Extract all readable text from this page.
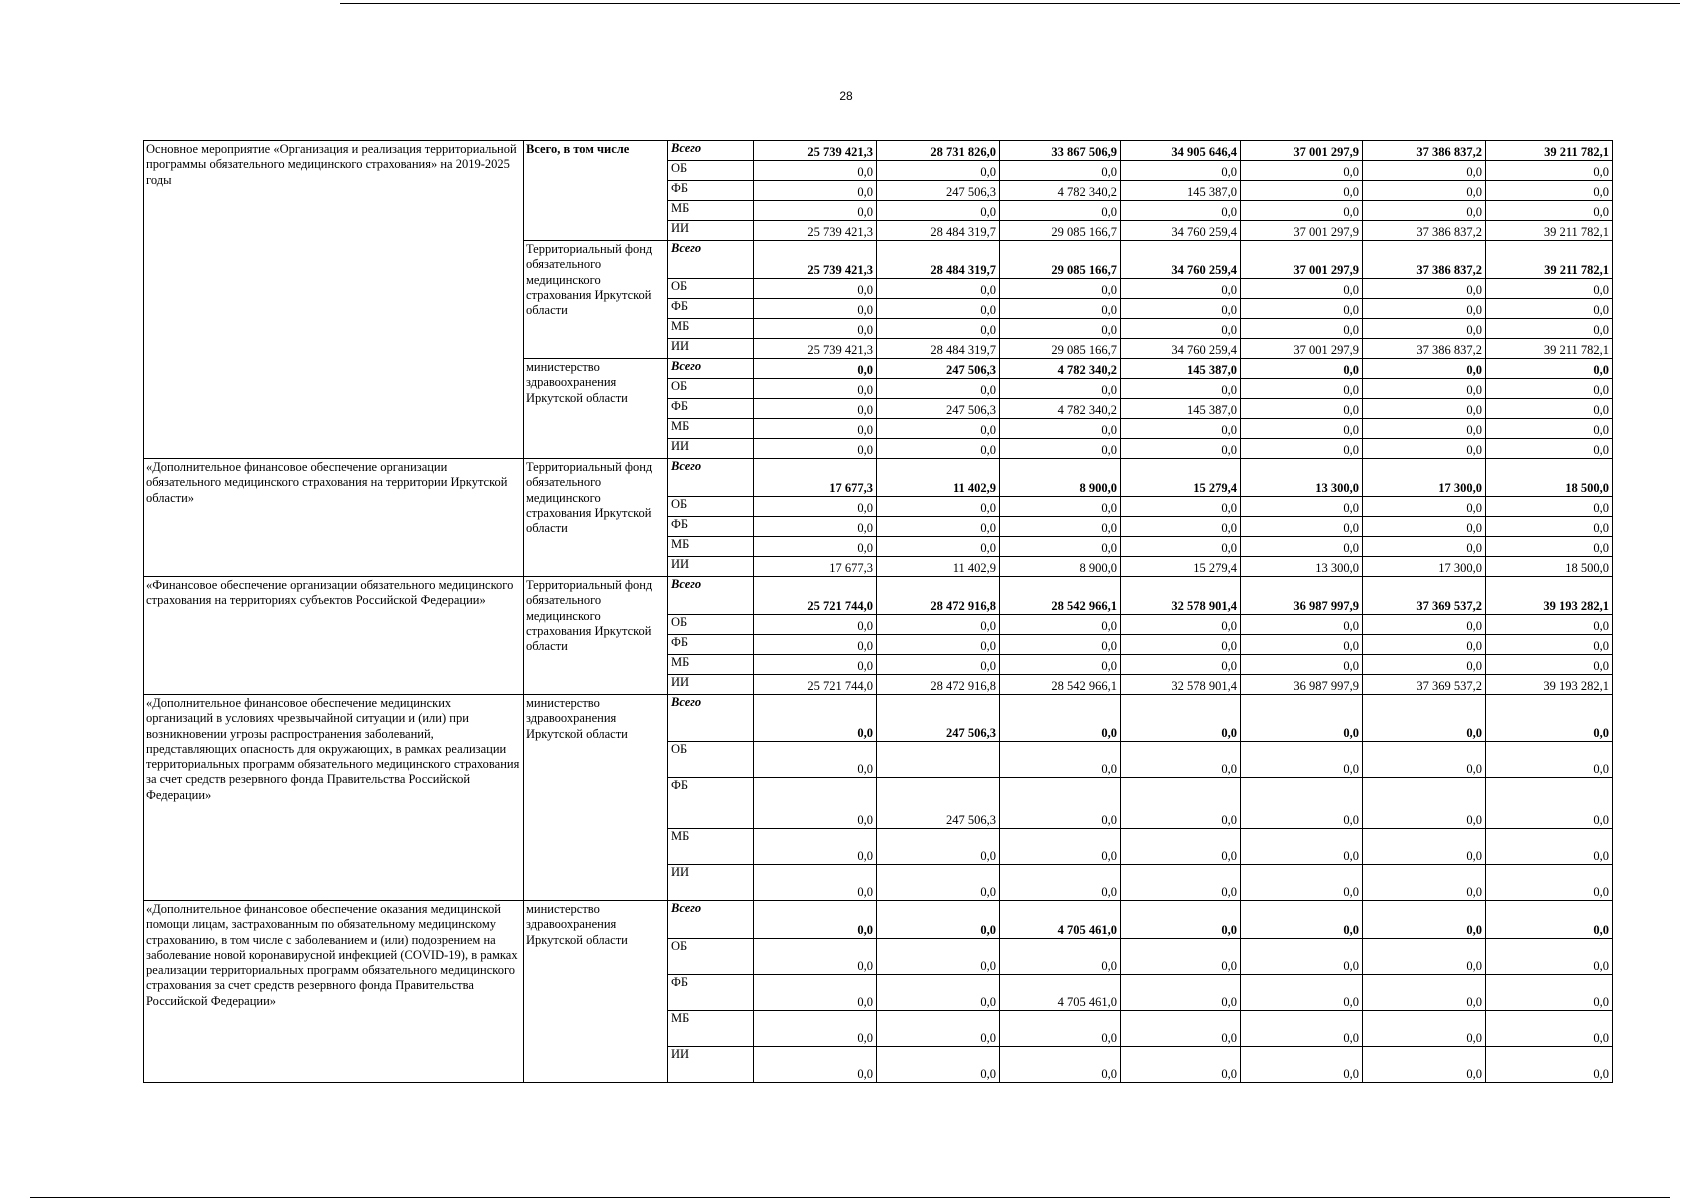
28
Основное мероприятие «Организация и реализация территориальной программы обязательного медицинского страхования» на 2019-2025 годы	Всего, в том числе	Всего	25 739 421,3	28 731 826,0	33 867 506,9	34 905 646,4	37 001 297,9	37 386 837,2	39 211 782,1
		ОБ	0,0	0,0	0,0	0,0	0,0	0,0	0,0
		ФБ	0,0	247 506,3	4 782 340,2	145 387,0	0,0	0,0	0,0
		МБ	0,0	0,0	0,0	0,0	0,0	0,0	0,0
		ИИ	25 739 421,3	28 484 319,7	29 085 166,7	34 760 259,4	37 001 297,9	37 386 837,2	39 211 782,1
	Территориальный фонд обязательного медицинского страхования Иркутской области	Всего	25 739 421,3	28 484 319,7	29 085 166,7	34 760 259,4	37 001 297,9	37 386 837,2	39 211 782,1
		ОБ	0,0	0,0	0,0	0,0	0,0	0,0	0,0
		ФБ	0,0	0,0	0,0	0,0	0,0	0,0	0,0
		МБ	0,0	0,0	0,0	0,0	0,0	0,0	0,0
		ИИ	25 739 421,3	28 484 319,7	29 085 166,7	34 760 259,4	37 001 297,9	37 386 837,2	39 211 782,1
	министерство здравоохранения Иркутской области	Всего	0,0	247 506,3	4 782 340,2	145 387,0	0,0	0,0	0,0
		ОБ	0,0	0,0	0,0	0,0	0,0	0,0	0,0
		ФБ	0,0	247 506,3	4 782 340,2	145 387,0	0,0	0,0	0,0
		МБ	0,0	0,0	0,0	0,0	0,0	0,0	0,0
		ИИ	0,0	0,0	0,0	0,0	0,0	0,0	0,0
«Дополнительное финансовое обеспечение организации обязательного медицинского страхования на территории Иркутской области»	Территориальный фонд обязательного медицинского страхования Иркутской области	Всего	17 677,3	11 402,9	8 900,0	15 279,4	13 300,0	17 300,0	18 500,0
		ОБ	0,0	0,0	0,0	0,0	0,0	0,0	0,0
		ФБ	0,0	0,0	0,0	0,0	0,0	0,0	0,0
		МБ	0,0	0,0	0,0	0,0	0,0	0,0	0,0
		ИИ	17 677,3	11 402,9	8 900,0	15 279,4	13 300,0	17 300,0	18 500,0
«Финансовое обеспечение организации обязательного медицинского страхования на территориях субъектов Российской Федерации»	Территориальный фонд обязательного медицинского страхования Иркутской области	Всего	25 721 744,0	28 472 916,8	28 542 966,1	32 578 901,4	36 987 997,9	37 369 537,2	39 193 282,1
		ОБ	0,0	0,0	0,0	0,0	0,0	0,0	0,0
		ФБ	0,0	0,0	0,0	0,0	0,0	0,0	0,0
		МБ	0,0	0,0	0,0	0,0	0,0	0,0	0,0
		ИИ	25 721 744,0	28 472 916,8	28 542 966,1	32 578 901,4	36 987 997,9	37 369 537,2	39 193 282,1
«Дополнительное финансовое обеспечение медицинских организаций в условиях чрезвычайной ситуации и (или) при возникновении угрозы распространения заболеваний, представляющих опасность для окружающих, в рамках реализации территориальных программ обязательного медицинского страхования за счет средств резервного фонда Правительства Российской Федерации»	министерство здравоохранения Иркутской области	Всего	0,0	247 506,3	0,0	0,0	0,0	0,0	0,0
		ОБ	0,0		0,0	0,0	0,0	0,0	0,0
		ФБ	0,0	247 506,3	0,0	0,0	0,0	0,0	0,0
		МБ	0,0	0,0	0,0	0,0	0,0	0,0	0,0
		ИИ	0,0	0,0	0,0	0,0	0,0	0,0	0,0
«Дополнительное финансовое обеспечение оказания медицинской помощи лицам, застрахованным по обязательному медицинскому страхованию, в том числе с заболеванием и (или) подозрением на заболевание новой коронавирусной инфекцией (COVID-19), в рамках реализации территориальных программ обязательного медицинского страхования за счет средств резервного фонда Правительства Российской Федерации»	министерство здравоохранения Иркутской области	Всего	0,0	0,0	4 705 461,0	0,0	0,0	0,0	0,0
		ОБ	0,0	0,0	0,0	0,0	0,0	0,0	0,0
		ФБ	0,0	0,0	4 705 461,0	0,0	0,0	0,0	0,0
		МБ	0,0	0,0	0,0	0,0	0,0	0,0	0,0
		ИИ	0,0	0,0	0,0	0,0	0,0	0,0	0,0
